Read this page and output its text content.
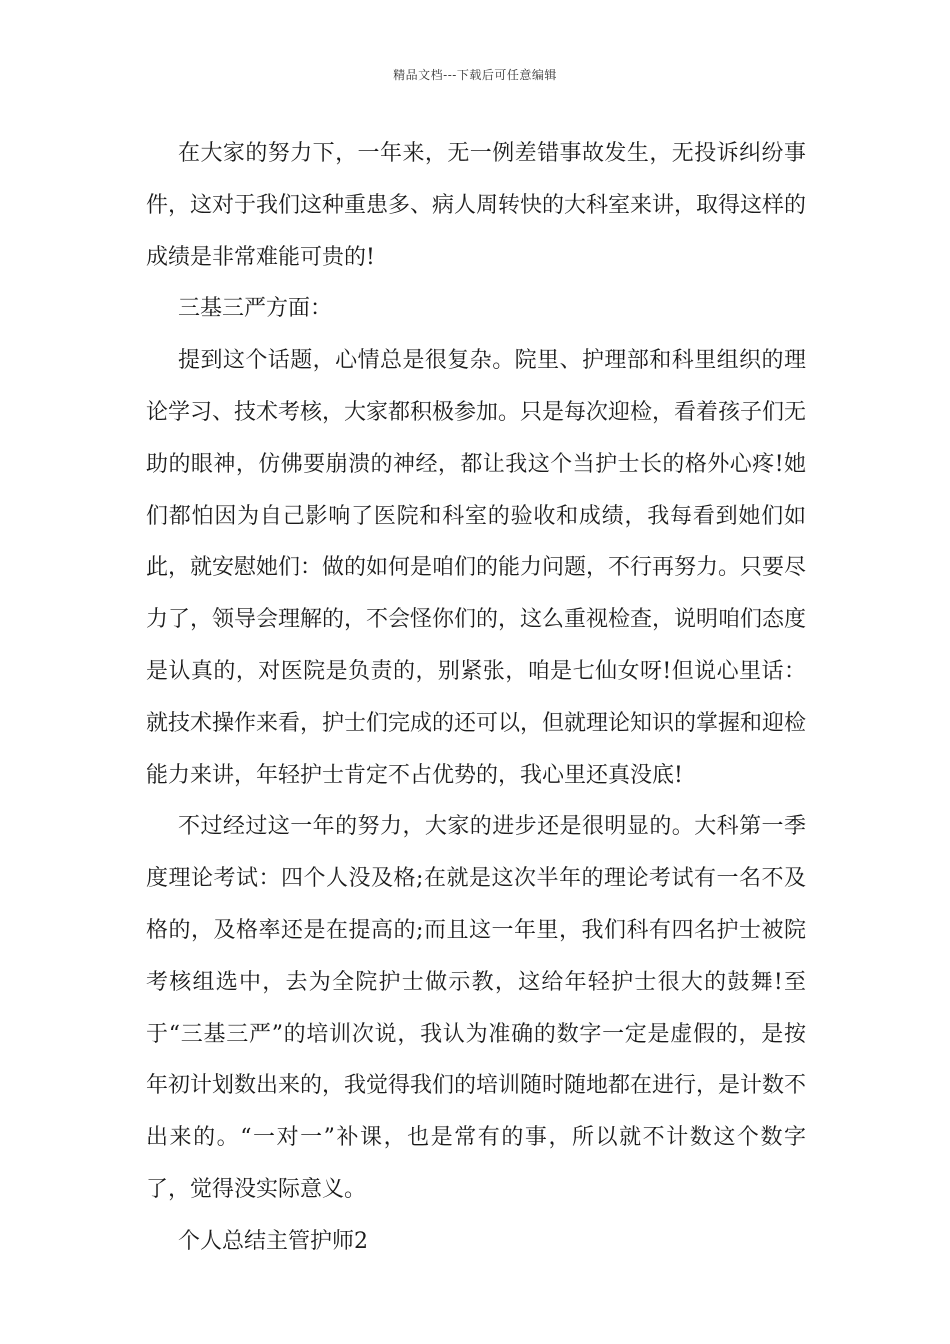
精品文档---下载后可任意编辑

在大家的努力下，一年来，无一例差错事故发生，无投诉纠纷事件，这对于我们这种重患多、病人周转快的大科室来讲，取得这样的成绩是非常难能可贵的!

三基三严方面：

提到这个话题，心情总是很复杂。院里、护理部和科里组织的理论学习、技术考核，大家都积极参加。只是每次迎检，看着孩子们无助的眼神，仿佛要崩溃的神经，都让我这个当护士长的格外心疼!她们都怕因为自己影响了医院和科室的验收和成绩，我每看到她们如此，就安慰她们：做的如何是咱们的能力问题，不行再努力。只要尽力了，领导会理解的，不会怪你们的，这么重视检查，说明咱们态度是认真的，对医院是负责的，别紧张，咱是七仙女呀!但说心里话：就技术操作来看，护士们完成的还可以，但就理论知识的掌握和迎检能力来讲，年轻护士肯定不占优势的，我心里还真没底!

不过经过这一年的努力，大家的进步还是很明显的。大科第一季度理论考试：四个人没及格;在就是这次半年的理论考试有一名不及格的，及格率还是在提高的;而且这一年里，我们科有四名护士被院考核组选中，去为全院护士做示教，这给年轻护士很大的鼓舞!至于“三基三严”的培训次说，我认为准确的数字一定是虚假的，是按年初计划数出来的，我觉得我们的培训随时随地都在进行，是计数不出来的。“一对一”补课，也是常有的事，所以就不计数这个数字了，觉得没实际意义。

个人总结主管护师2
